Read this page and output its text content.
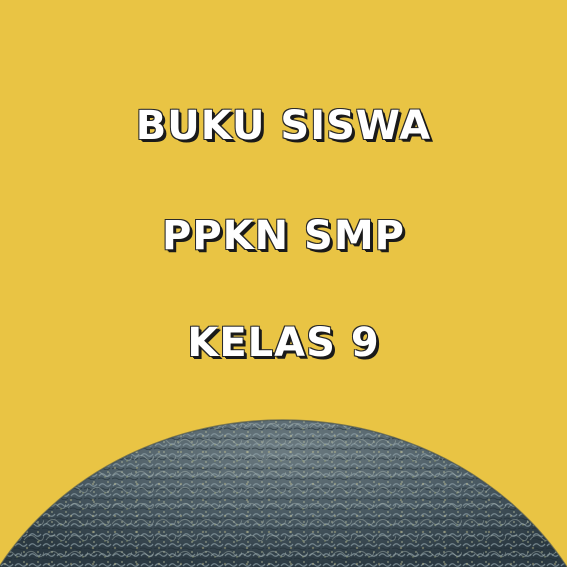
BUKU SISWA
PPKN SMP
KELAS 9
